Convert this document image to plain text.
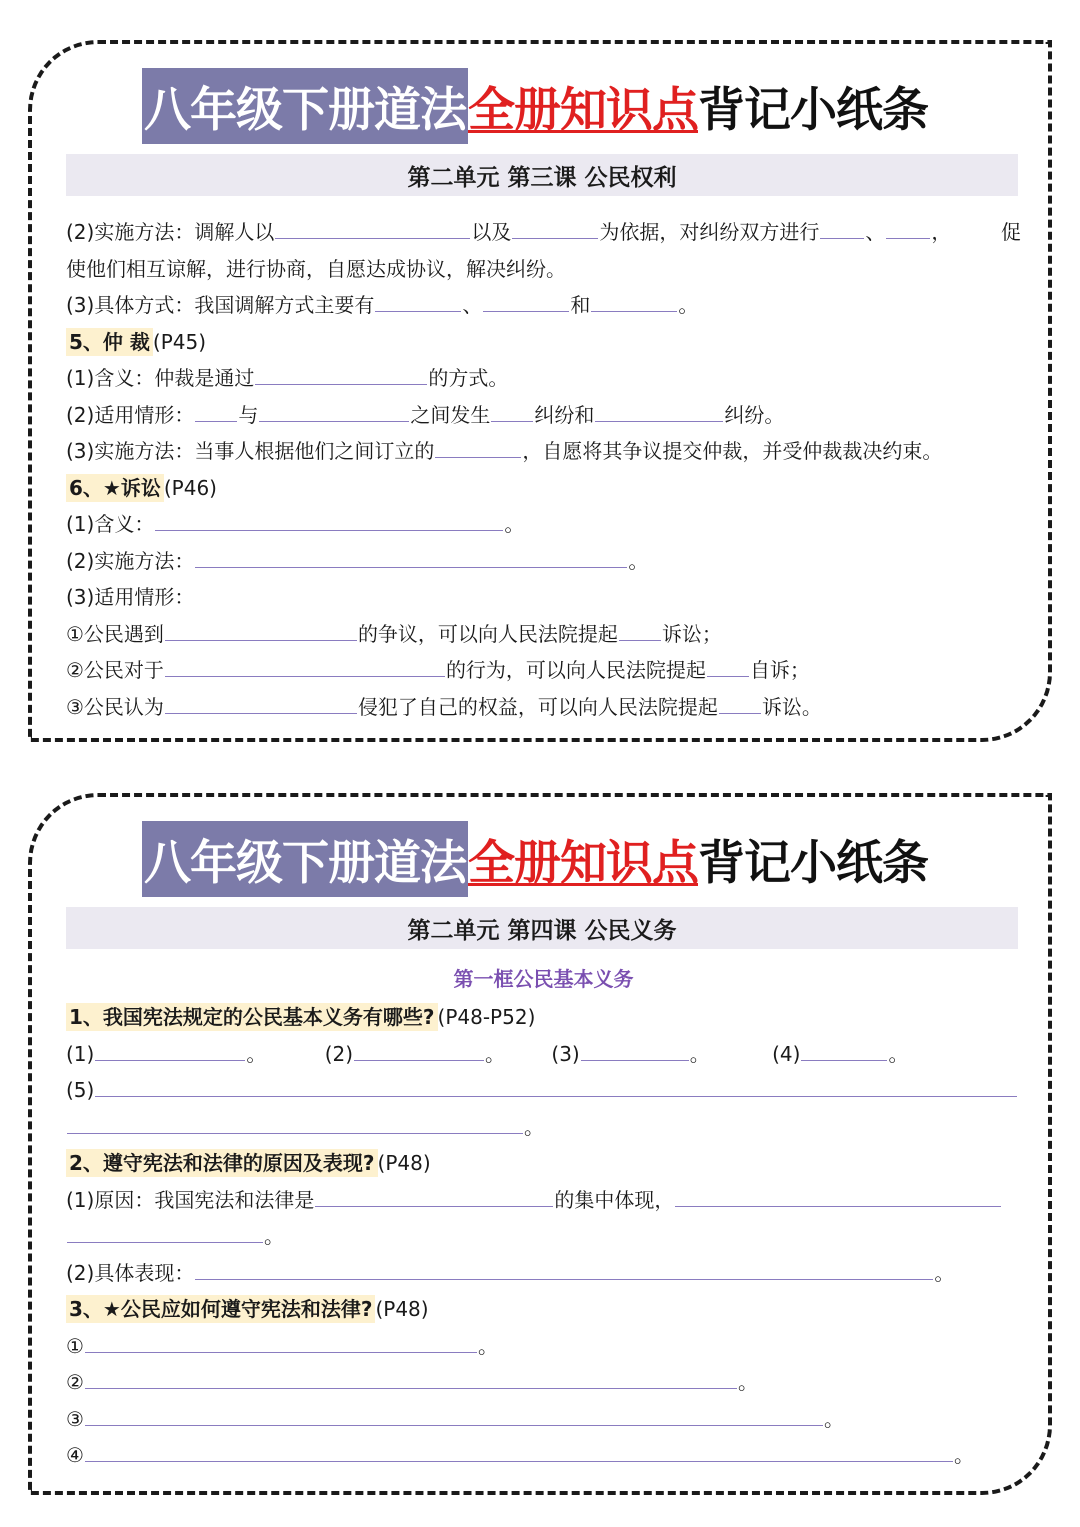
八年级下册道法 全册知识点 背记小纸条
第二单元 第三课 公民权利
(2)实施方法：调解人以	以及	为依据，对纠纷双方进行 、 ， 促
使他们相互谅解，进行协商，自愿达成协议，解决纠纷。
(3)具体方式：我国调解方式主要有	、	和	。
5、仲 裁 (P45)
(1)含义：仲裁是通过	的方式。
(2)适用情形： 与	之间发生 纠纷和	纠纷。
(3)实施方法：当事人根据他们之间订立的	，自愿将其争议提交仲裁，并受仲裁裁决约束。
6、★诉讼 (P46)
(1)含义：	。
(2)实施方法：	。
(3)适用情形：
①公民遇到	的争议，可以向人民法院提起 诉讼；
②公民对于	的行为，可以向人民法院提起 自诉；
③公民认为	侵犯了自己的权益，可以向人民法院提起 诉讼。
八年级下册道法 全册知识点 背记小纸条
第二单元 第四课 公民义务
第一框公民基本义务
1、我国宪法规定的公民基本义务有哪些? (P48-P52)
(1)	。	(2)	。 (3)	。	(4)	。
(5)
。
2、遵守宪法和法律的原因及表现? (P48)
(1)原因：我国宪法和法律是	的集中体现，
。
(2)具体表现：	。
3、★公民应如何遵守宪法和法律? (P48)
①	。
②	。
③	。
④	。
